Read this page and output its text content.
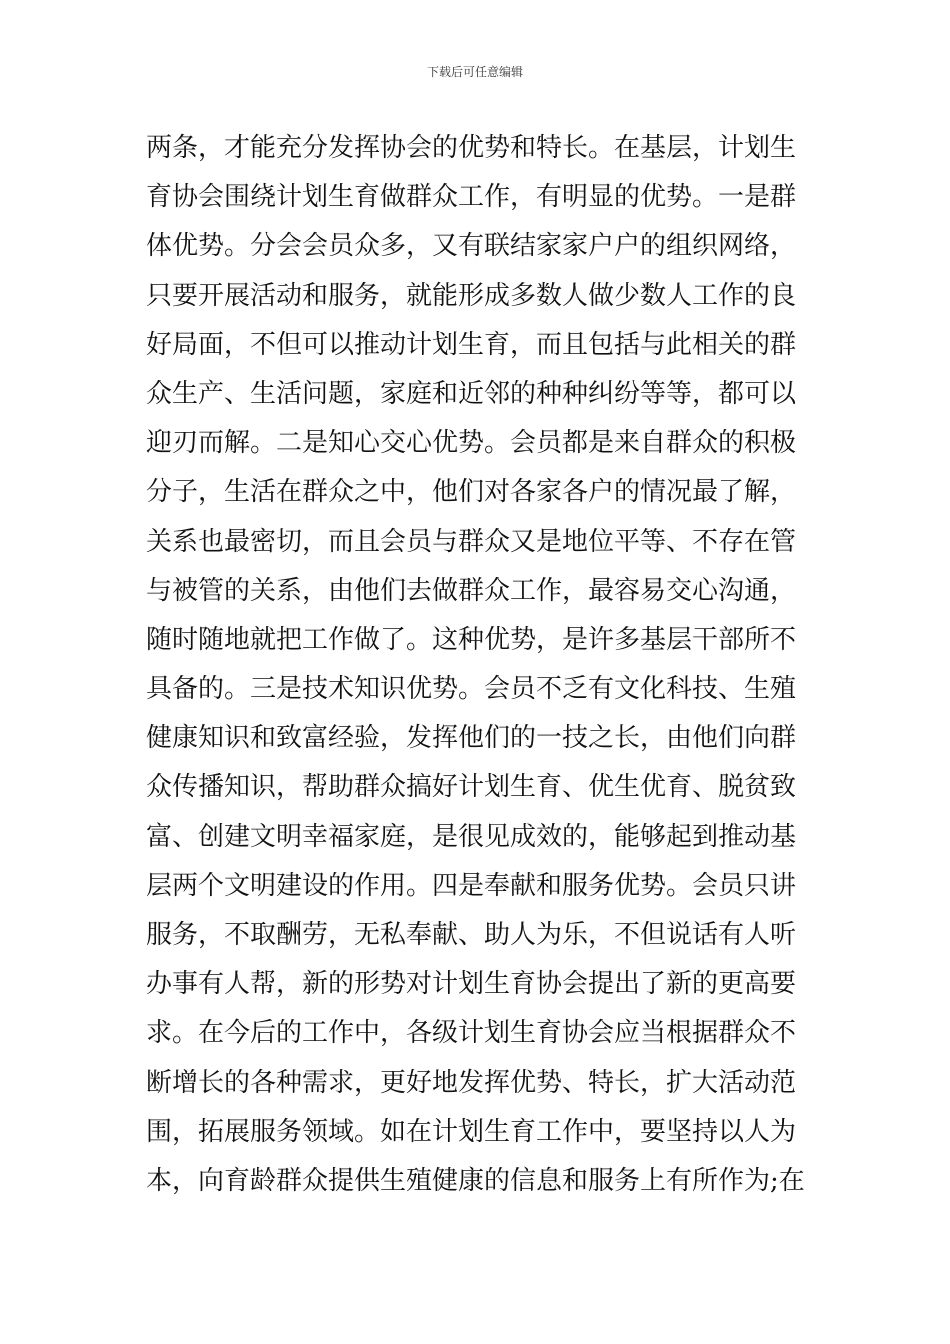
下载后可任意编辑
两条，才能充分发挥协会的优势和特长。在基层，计划生
育协会围绕计划生育做群众工作，有明显的优势。一是群
体优势。分会会员众多，又有联结家家户户的组织网络，
只要开展活动和服务，就能形成多数人做少数人工作的良
好局面，不但可以推动计划生育，而且包括与此相关的群
众生产、生活问题，家庭和近邻的种种纠纷等等，都可以
迎刃而解。二是知心交心优势。会员都是来自群众的积极
分子，生活在群众之中，他们对各家各户的情况最了解，
关系也最密切，而且会员与群众又是地位平等、不存在管
与被管的关系，由他们去做群众工作，最容易交心沟通，
随时随地就把工作做了。这种优势，是许多基层干部所不
具备的。三是技术知识优势。会员不乏有文化科技、生殖
健康知识和致富经验，发挥他们的一技之长，由他们向群
众传播知识，帮助群众搞好计划生育、优生优育、脱贫致
富、创建文明幸福家庭，是很见成效的，能够起到推动基
层两个文明建设的作用。四是奉献和服务优势。会员只讲
服务，不取酬劳，无私奉献、助人为乐，不但说话有人听
办事有人帮，新的形势对计划生育协会提出了新的更高要
求。在今后的工作中，各级计划生育协会应当根据群众不
断增长的各种需求，更好地发挥优势、特长，扩大活动范
围，拓展服务领域。如在计划生育工作中，要坚持以人为
本，向育龄群众提供生殖健康的信息和服务上有所作为;在
